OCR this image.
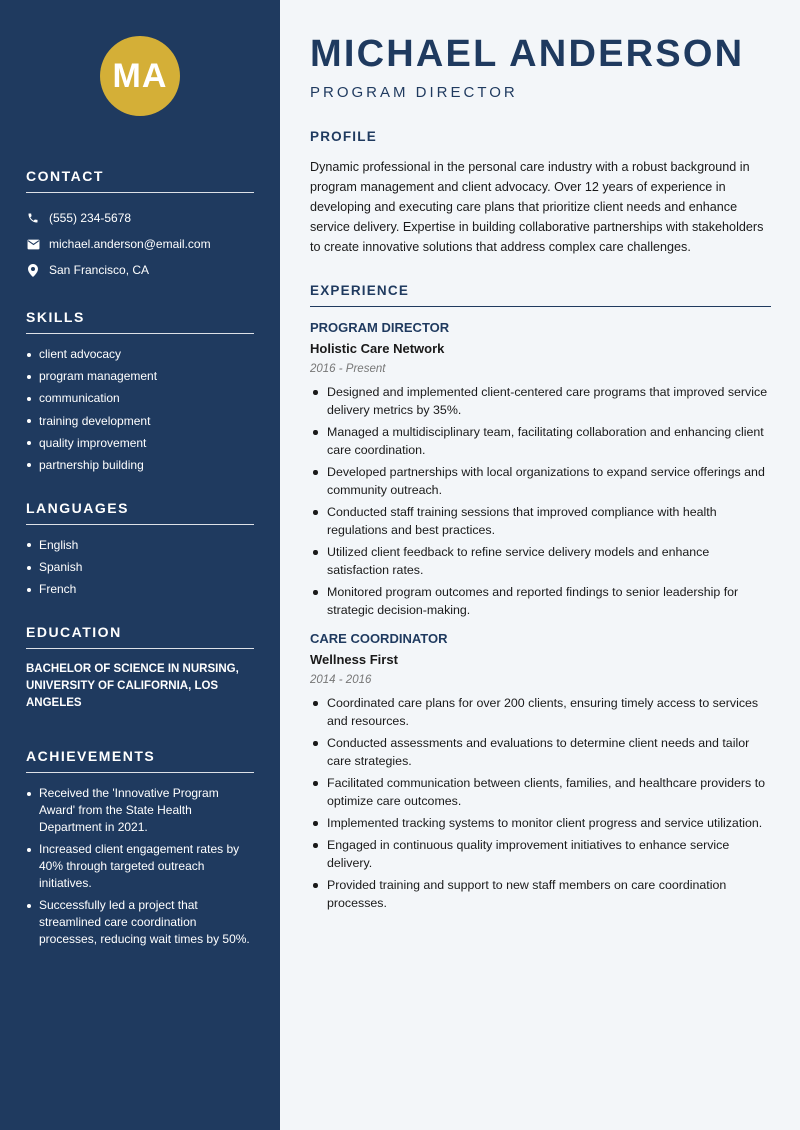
MA
CONTACT
(555) 234-5678
michael.anderson@email.com
San Francisco, CA
SKILLS
client advocacy
program management
communication
training development
quality improvement
partnership building
LANGUAGES
English
Spanish
French
EDUCATION
BACHELOR OF SCIENCE IN NURSING, UNIVERSITY OF CALIFORNIA, LOS ANGELES
ACHIEVEMENTS
Received the 'Innovative Program Award' from the State Health Department in 2021.
Increased client engagement rates by 40% through targeted outreach initiatives.
Successfully led a project that streamlined care coordination processes, reducing wait times by 50%.
MICHAEL ANDERSON
PROGRAM DIRECTOR
PROFILE
Dynamic professional in the personal care industry with a robust background in program management and client advocacy. Over 12 years of experience in developing and executing care plans that prioritize client needs and enhance service delivery. Expertise in building collaborative partnerships with stakeholders to create innovative solutions that address complex care challenges.
EXPERIENCE
PROGRAM DIRECTOR
Holistic Care Network
2016 - Present
Designed and implemented client-centered care programs that improved service delivery metrics by 35%.
Managed a multidisciplinary team, facilitating collaboration and enhancing client care coordination.
Developed partnerships with local organizations to expand service offerings and community outreach.
Conducted staff training sessions that improved compliance with health regulations and best practices.
Utilized client feedback to refine service delivery models and enhance satisfaction rates.
Monitored program outcomes and reported findings to senior leadership for strategic decision-making.
CARE COORDINATOR
Wellness First
2014 - 2016
Coordinated care plans for over 200 clients, ensuring timely access to services and resources.
Conducted assessments and evaluations to determine client needs and tailor care strategies.
Facilitated communication between clients, families, and healthcare providers to optimize care outcomes.
Implemented tracking systems to monitor client progress and service utilization.
Engaged in continuous quality improvement initiatives to enhance service delivery.
Provided training and support to new staff members on care coordination processes.
